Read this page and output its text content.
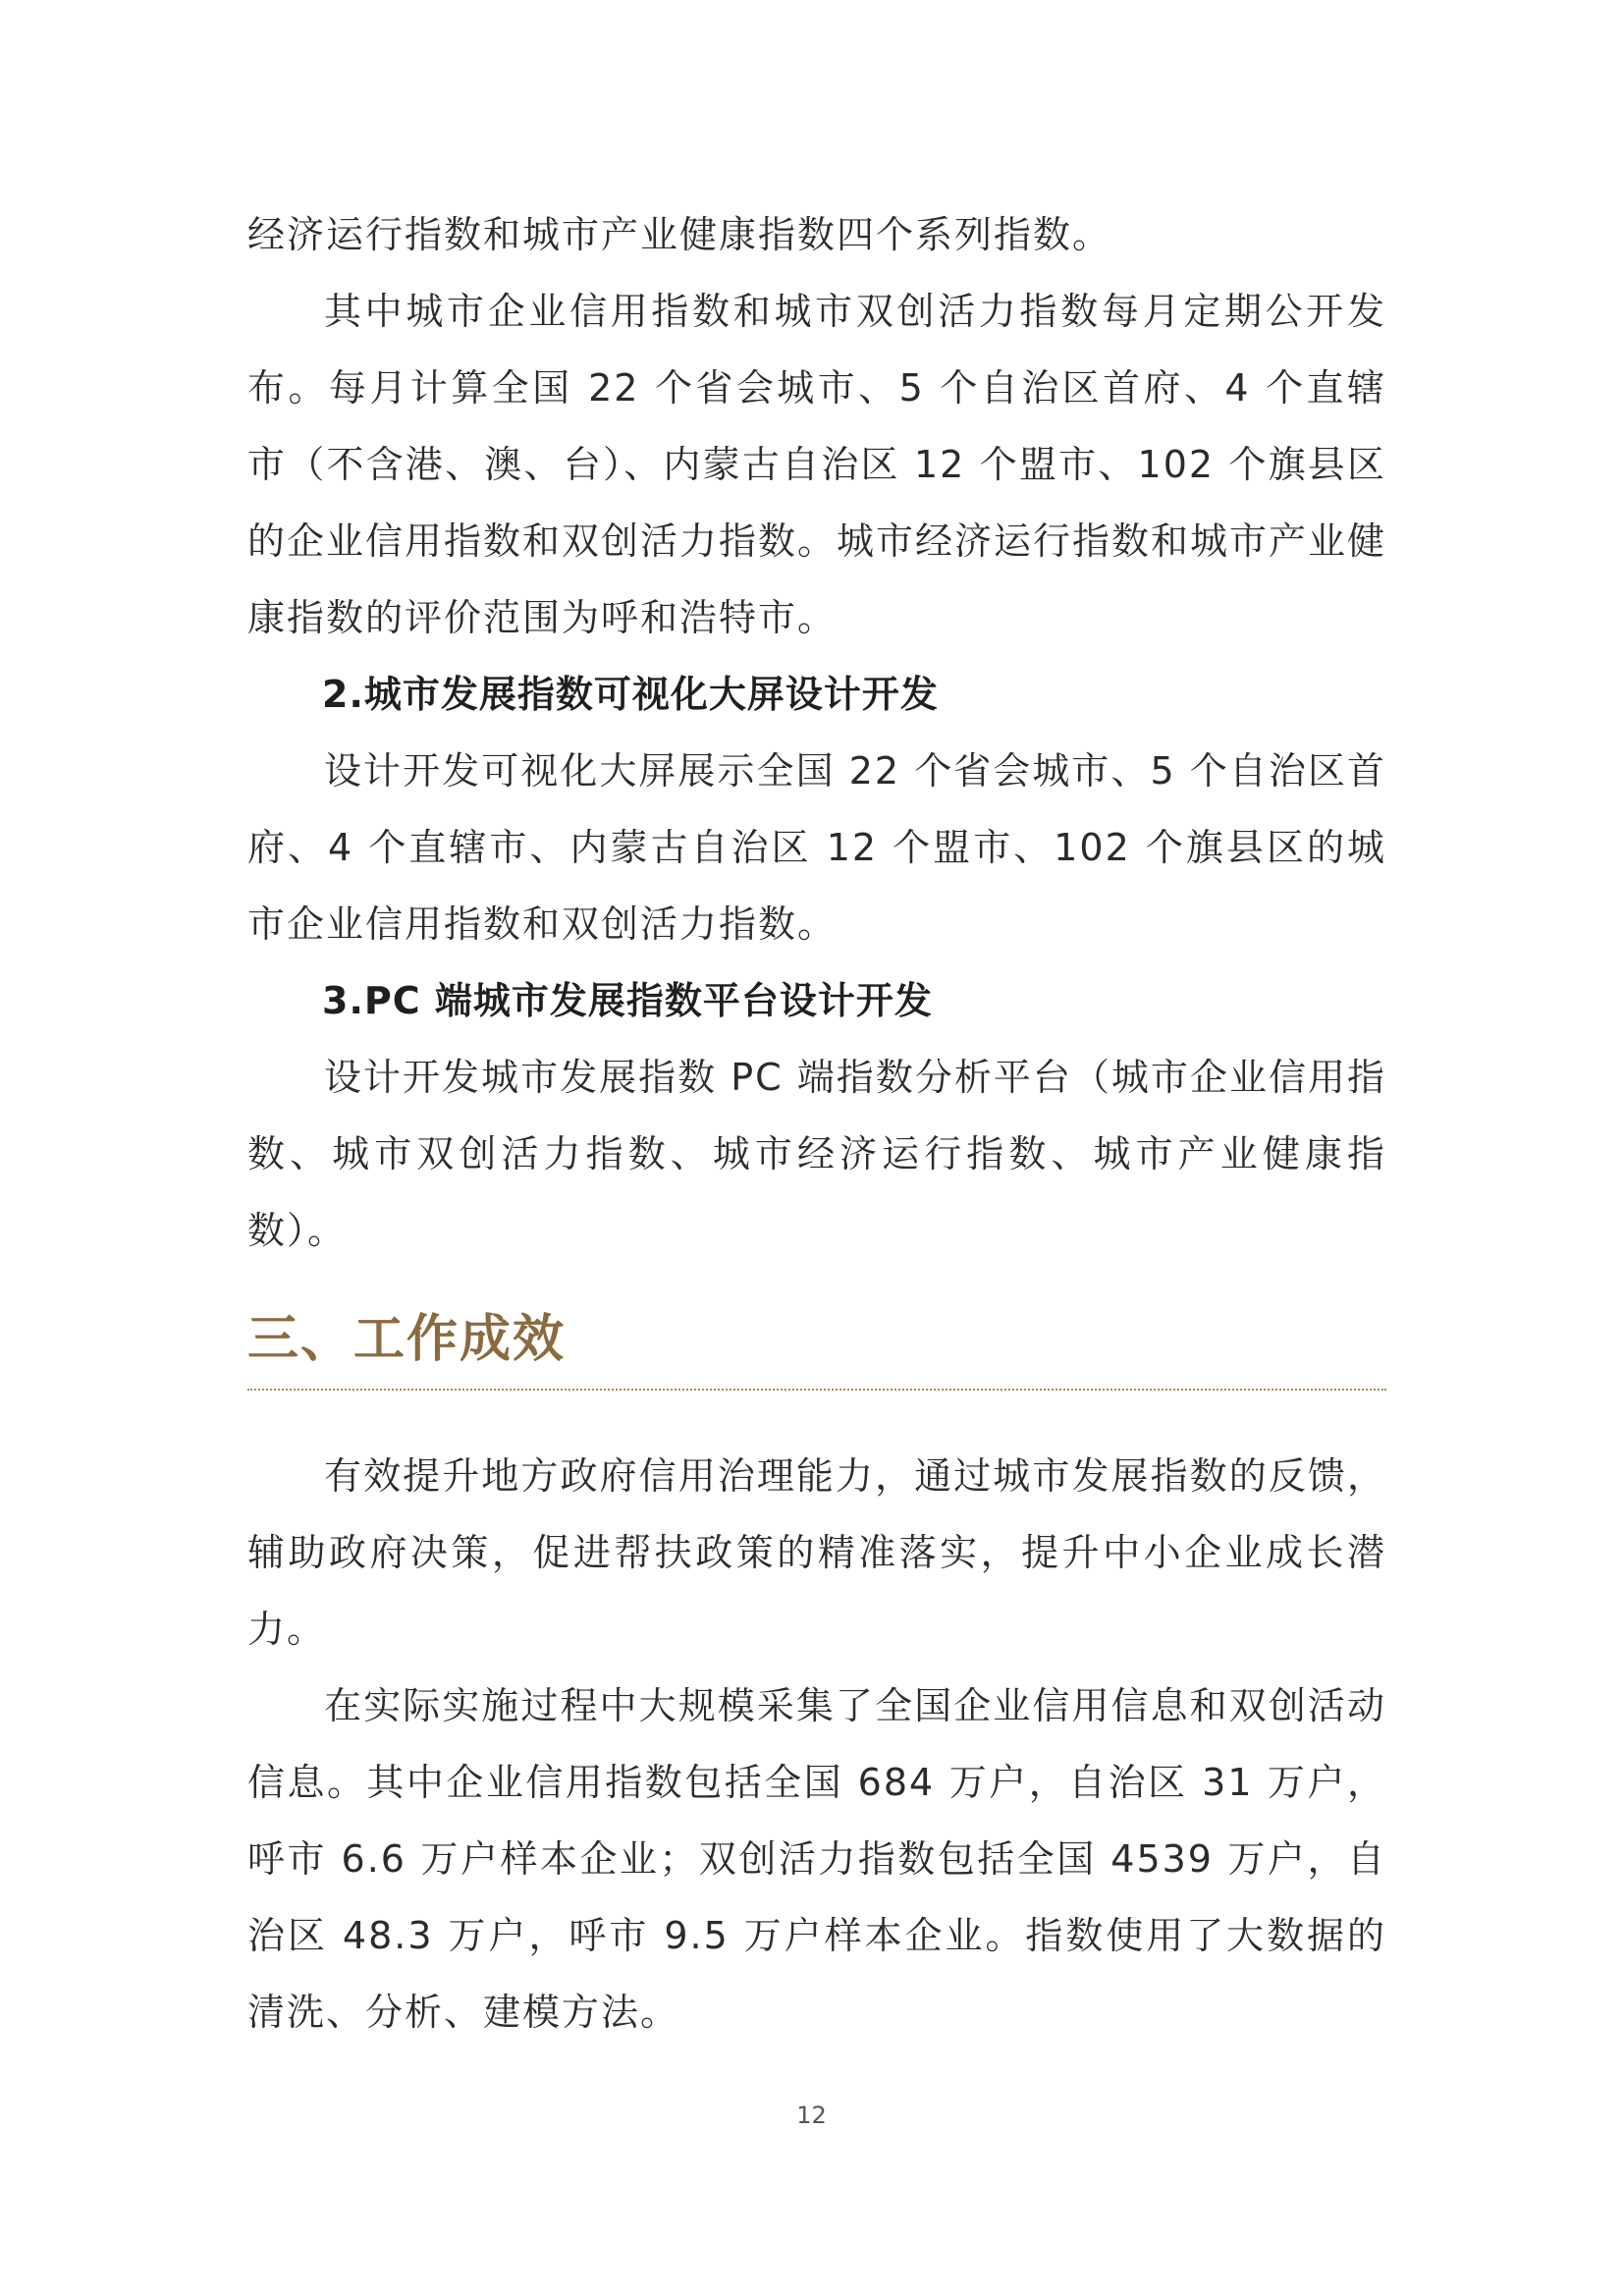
经济运行指数和城市产业健康指数四个系列指数。

其中城市企业信用指数和城市双创活力指数每月定期公开发布。每月计算全国 22 个省会城市、5 个自治区首府、4 个直辖市（不含港、澳、台）、内蒙古自治区 12 个盟市、102 个旗县区的企业信用指数和双创活力指数。城市经济运行指数和城市产业健康指数的评价范围为呼和浩特市。

2.城市发展指数可视化大屏设计开发

设计开发可视化大屏展示全国 22 个省会城市、5 个自治区首府、4 个直辖市、内蒙古自治区 12 个盟市、102 个旗县区的城市企业信用指数和双创活力指数。

3.PC 端城市发展指数平台设计开发

设计开发城市发展指数 PC 端指数分析平台（城市企业信用指数、城市双创活力指数、城市经济运行指数、城市产业健康指数）。

三、工作成效

有效提升地方政府信用治理能力，通过城市发展指数的反馈，辅助政府决策，促进帮扶政策的精准落实，提升中小企业成长潜力。

在实际实施过程中大规模采集了全国企业信用信息和双创活动信息。其中企业信用指数包括全国 684 万户，自治区 31 万户，呼市 6.6 万户样本企业；双创活力指数包括全国 4539 万户，自治区 48.3 万户，呼市 9.5 万户样本企业。指数使用了大数据的清洗、分析、建模方法。

12
